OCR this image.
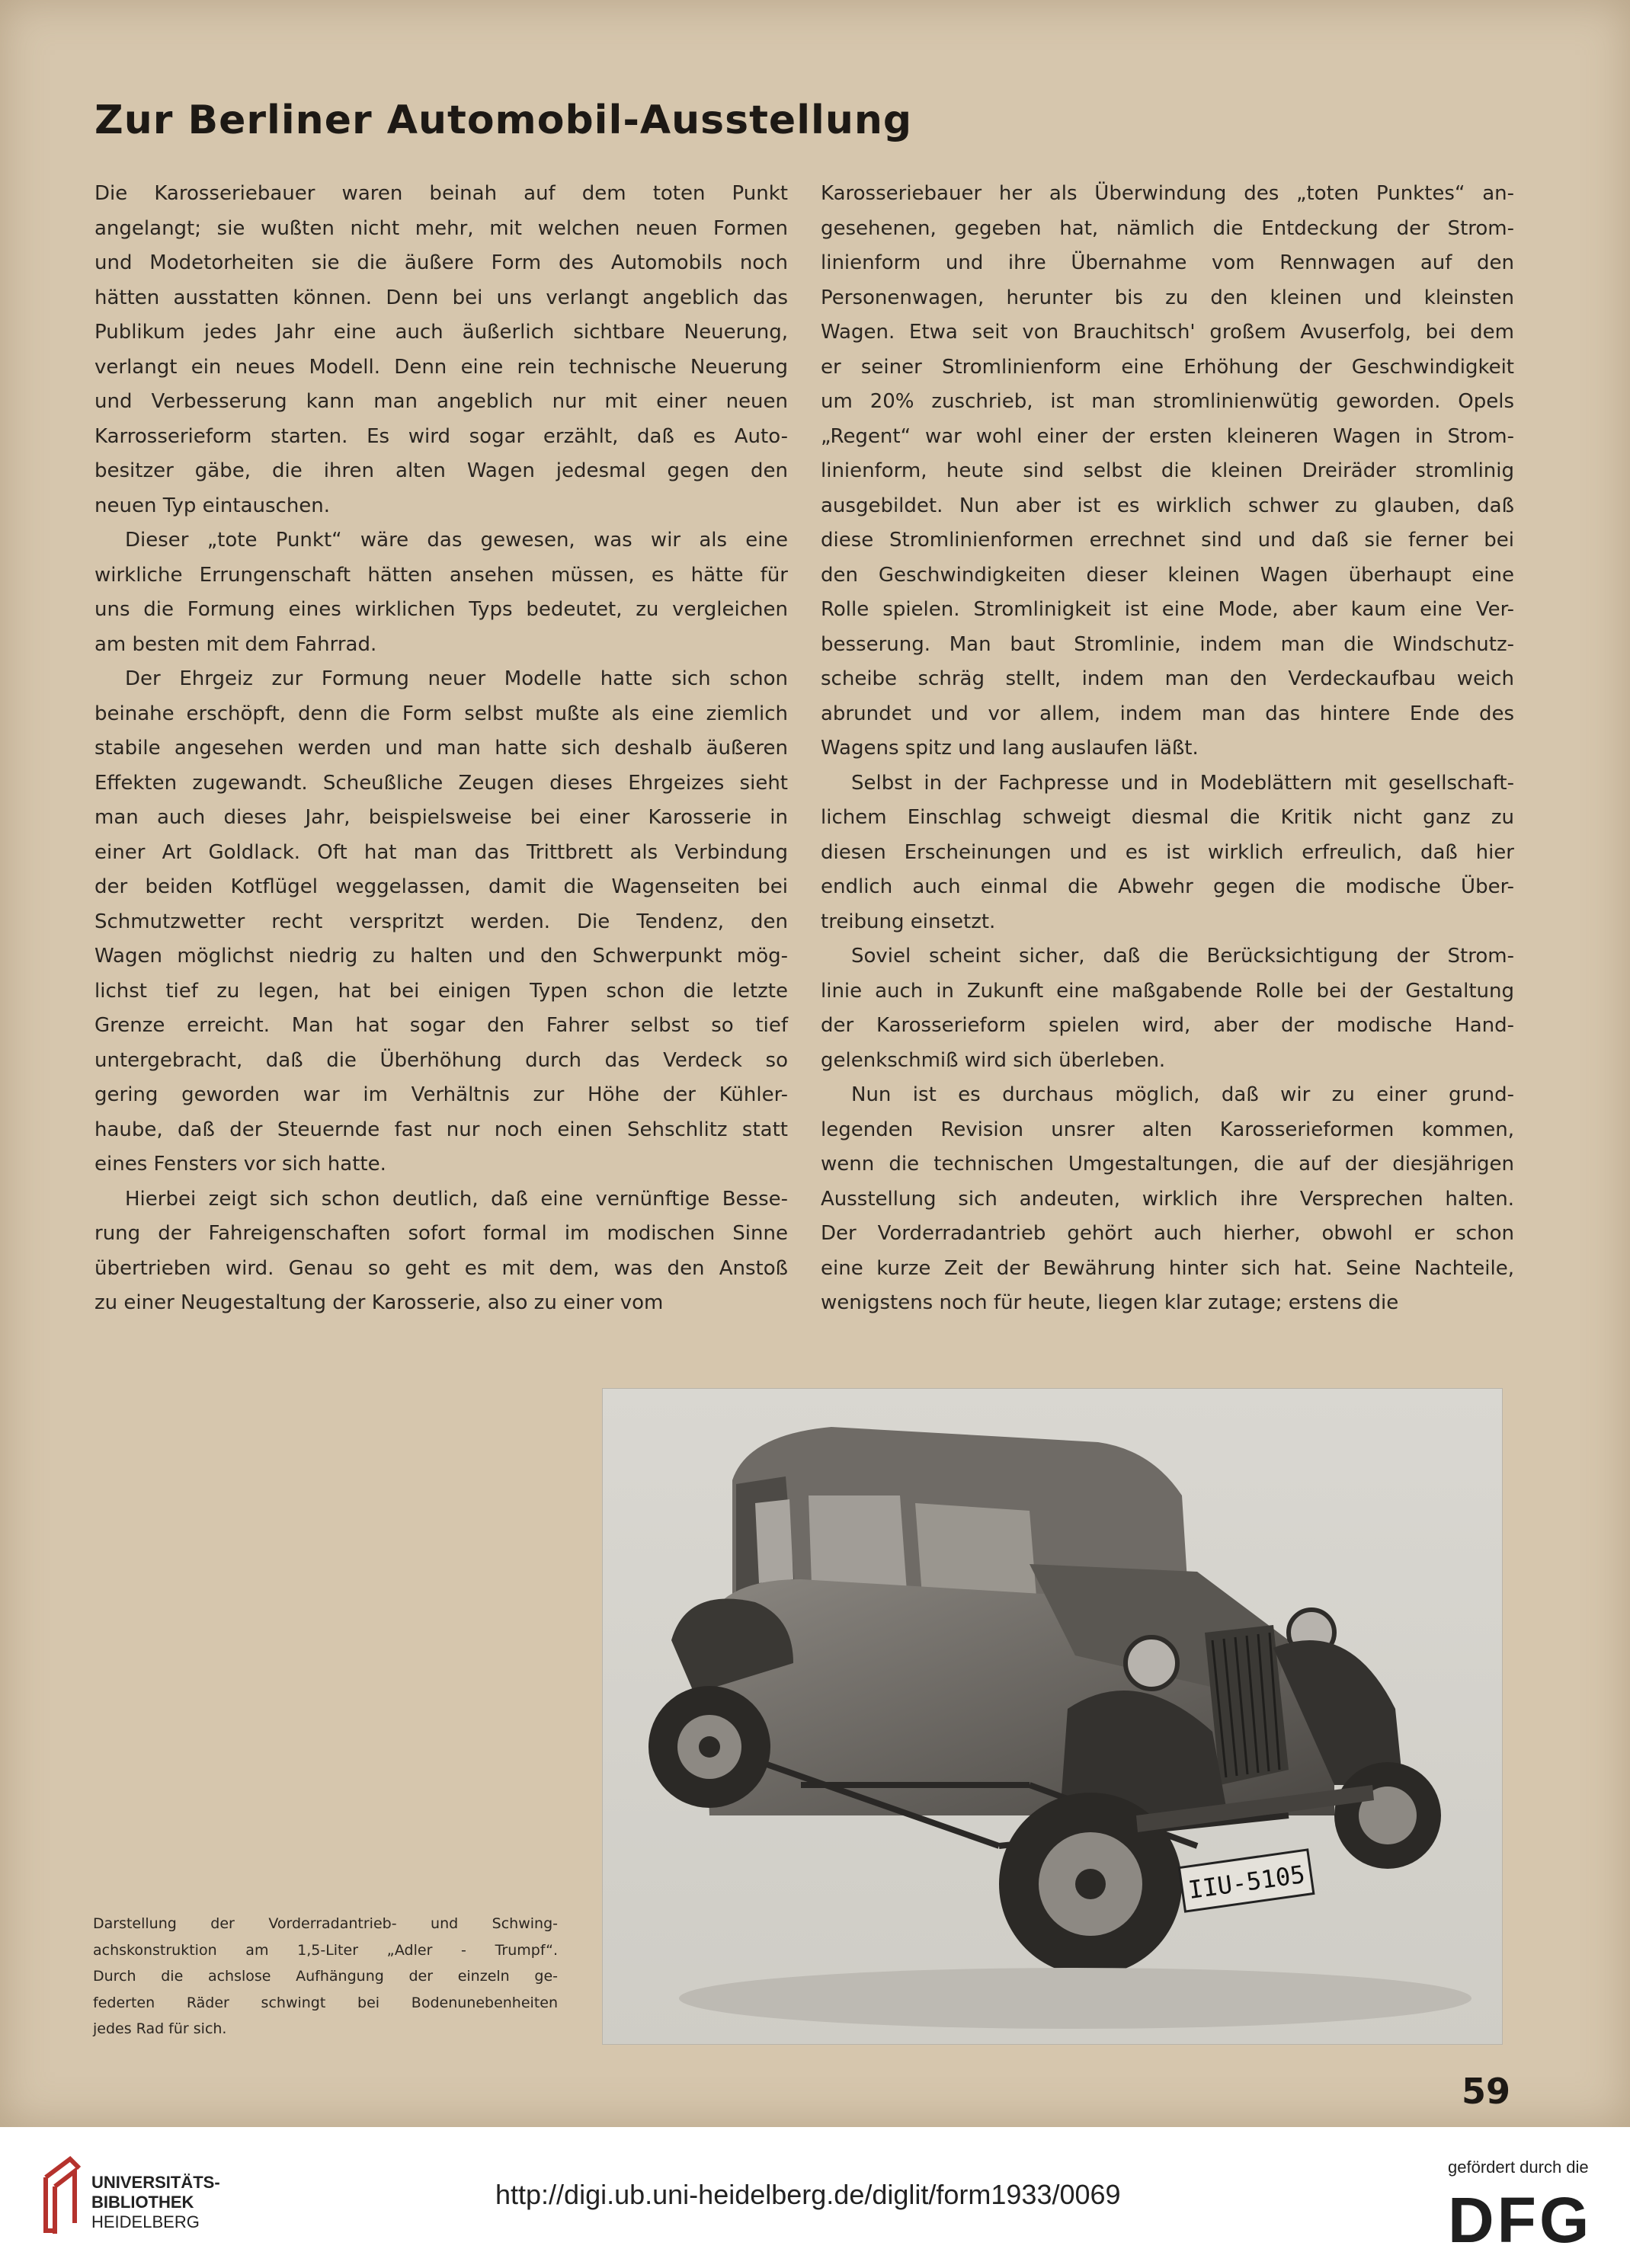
Zur Berliner Automobil-Ausstellung

Die Karosseriebauer waren beinah auf dem toten Punkt

angelangt; sie wußten nicht mehr, mit welchen neuen Formen

und Modetorheiten sie die äußere Form des Automobils noch

hätten ausstatten können. Denn bei uns verlangt angeblich das

Publikum jedes Jahr eine auch äußerlich sichtbare Neuerung,

verlangt ein neues Modell. Denn eine rein technische Neuerung

und Verbesserung kann man angeblich nur mit einer neuen

Karrosserieform starten. Es wird sogar erzählt, daß es Auto-

besitzer gäbe, die ihren alten Wagen jedesmal gegen den

neuen Typ eintauschen.

Dieser „tote Punkt“ wäre das gewesen, was wir als eine

wirkliche Errungenschaft hätten ansehen müssen, es hätte für

uns die Formung eines wirklichen Typs bedeutet, zu vergleichen

am besten mit dem Fahrrad.

Der Ehrgeiz zur Formung neuer Modelle hatte sich schon

beinahe erschöpft, denn die Form selbst mußte als eine ziemlich

stabile angesehen werden und man hatte sich deshalb äußeren

Effekten zugewandt. Scheußliche Zeugen dieses Ehrgeizes sieht

man auch dieses Jahr, beispielsweise bei einer Karosserie in

einer Art Goldlack. Oft hat man das Trittbrett als Verbindung

der beiden Kotflügel weggelassen, damit die Wagenseiten bei

Schmutzwetter recht verspritzt werden. Die Tendenz, den

Wagen möglichst niedrig zu halten und den Schwerpunkt mög-

lichst tief zu legen, hat bei einigen Typen schon die letzte

Grenze erreicht. Man hat sogar den Fahrer selbst so tief

untergebracht, daß die Überhöhung durch das Verdeck so

gering geworden war im Verhältnis zur Höhe der Kühler-

haube, daß der Steuernde fast nur noch einen Sehschlitz statt

eines Fensters vor sich hatte.

Hierbei zeigt sich schon deutlich, daß eine vernünftige Besse-

rung der Fahreigenschaften sofort formal im modischen Sinne

übertrieben wird. Genau so geht es mit dem, was den Anstoß

zu einer Neugestaltung der Karosserie, also zu einer vom

Karosseriebauer her als Überwindung des „toten Punktes“ an-

gesehenen, gegeben hat, nämlich die Entdeckung der Strom-

linienform und ihre Übernahme vom Rennwagen auf den

Personenwagen, herunter bis zu den kleinen und kleinsten

Wagen. Etwa seit von Brauchitsch' großem Avuserfolg, bei dem

er seiner Stromlinienform eine Erhöhung der Geschwindigkeit

um 20% zuschrieb, ist man stromlinienwütig geworden. Opels

„Regent“ war wohl einer der ersten kleineren Wagen in Strom-

linienform, heute sind selbst die kleinen Dreiräder stromlinig

ausgebildet. Nun aber ist es wirklich schwer zu glauben, daß

diese Stromlinienformen errechnet sind und daß sie ferner bei

den Geschwindigkeiten dieser kleinen Wagen überhaupt eine

Rolle spielen. Stromlinigkeit ist eine Mode, aber kaum eine Ver-

besserung. Man baut Stromlinie, indem man die Windschutz-

scheibe schräg stellt, indem man den Verdeckaufbau weich

abrundet und vor allem, indem man das hintere Ende des

Wagens spitz und lang auslaufen läßt.

Selbst in der Fachpresse und in Modeblättern mit gesellschaft-

lichem Einschlag schweigt diesmal die Kritik nicht ganz zu

diesen Erscheinungen und es ist wirklich erfreulich, daß hier

endlich auch einmal die Abwehr gegen die modische Über-

treibung einsetzt.

Soviel scheint sicher, daß die Berücksichtigung der Strom-

linie auch in Zukunft eine maßgabende Rolle bei der Gestaltung

der Karosserieform spielen wird, aber der modische Hand-

gelenkschmiß wird sich überleben.

Nun ist es durchaus möglich, daß wir zu einer grund-

legenden Revision unsrer alten Karosserieformen kommen,

wenn die technischen Umgestaltungen, die auf der diesjährigen

Ausstellung sich andeuten, wirklich ihre Versprechen halten.

Der Vorderradantrieb gehört auch hierher, obwohl er schon

eine kurze Zeit der Bewährung hinter sich hat. Seine Nachteile,

wenigstens noch für heute, liegen klar zutage; erstens die

IIU-5105
Darstellung der Vorderradantrieb- und Schwing-
achskonstruktion am 1,5-Liter „Adler - Trumpf“.
Durch die achslose Aufhängung der einzeln ge-
federten Räder schwingt bei Bodenunebenheiten
jedes Rad für sich.

59

UNIVERSITÄTS-
BIBLIOTHEK
HEIDELBERG

http://digi.ub.uni-heidelberg.de/diglit/form1933/0069
gefördert durch die
DFG
